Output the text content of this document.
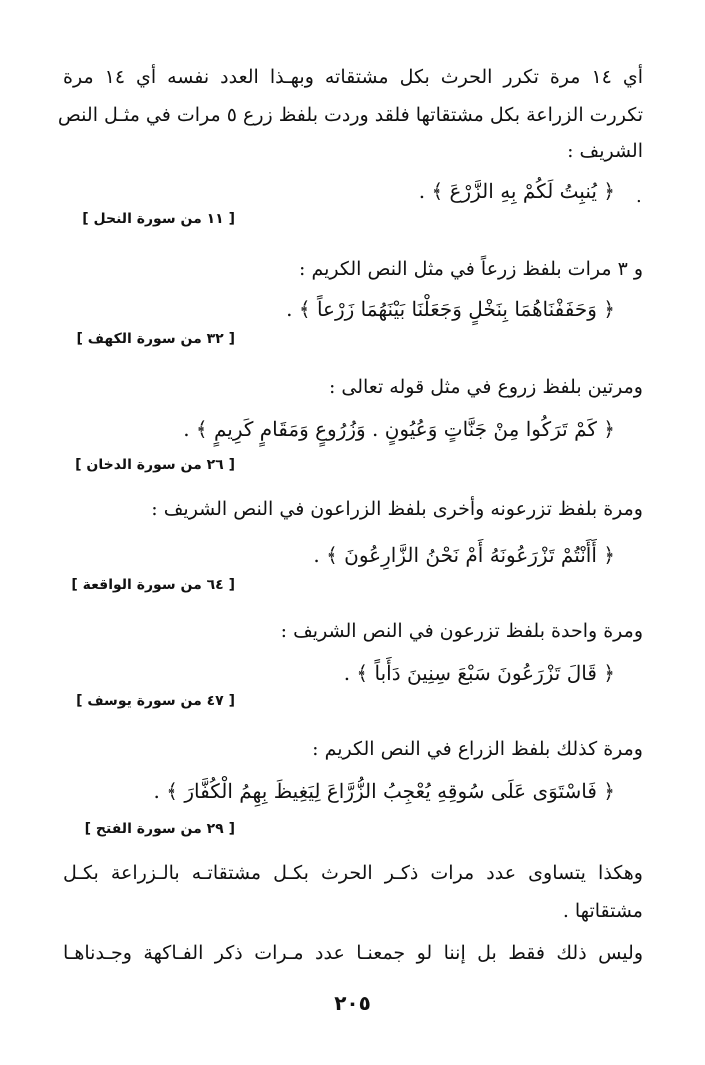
أي ١٤ مرة تكرر الحرث بكل مشتقاته وبهـذا العدد نفسه أي ١٤ مرة
تكررت الزراعة بكل مشتقاتها فلقد وردت بلفظ زرع ٥ مرات في مثـل النص
الشريف :
﴿ يُنبِتُ لَكُمْ بِهِ الزَّرْعَ ﴾ . .
[ ١١ من سورة النحل ]
و ٣ مرات بلفظ زرعاً في مثل النص الكريم :
﴿ وَحَفَفْنَاهُمَا بِنَخْلٍ وَجَعَلْنَا بَيْنَهُمَا زَرْعاً ﴾ .
[ ٣٢ من سورة الكهف ]
ومرتين بلفظ زروع في مثل قوله تعالى :
﴿ كَمْ تَرَكُوا مِنْ جَنَّاتٍ وَعُيُونٍ . وَزُرُوعٍ وَمَقَامٍ كَرِيمٍ ﴾ .
[ ٢٦ من سورة الدخان ]
ومرة بلفظ تزرعونه وأخرى بلفظ الزراعون في النص الشريف :
﴿ أَأَنْتُمْ تَزْرَعُونَهُ أَمْ نَحْنُ الزَّارِعُونَ ﴾ .
[ ٦٤ من سورة الواقعة ]
ومرة واحدة بلفظ تزرعون في النص الشريف :
﴿ قَالَ تَزْرَعُونَ سَبْعَ سِنِينَ دَأَباً ﴾ .
[ ٤٧ من سورة يوسف ]
ومرة كذلك بلفظ الزراع في النص الكريم :
﴿ فَاسْتَوَى عَلَى سُوقِهِ يُعْجِبُ الزُّرَّاعَ لِيَغِيظَ بِهِمُ الْكُفَّارَ ﴾ .
[ ٢٩ من سورة الفتح ]
وهكذا يتساوى عدد مرات ذكـر الحرث بكـل مشتقاتـه بالـزراعة بكـل
مشتقاتها .
وليس ذلك فقط بل إننا لو جمعنـا عدد مـرات ذكر الفـاكهة وجـدناهـا
٢٠٥
